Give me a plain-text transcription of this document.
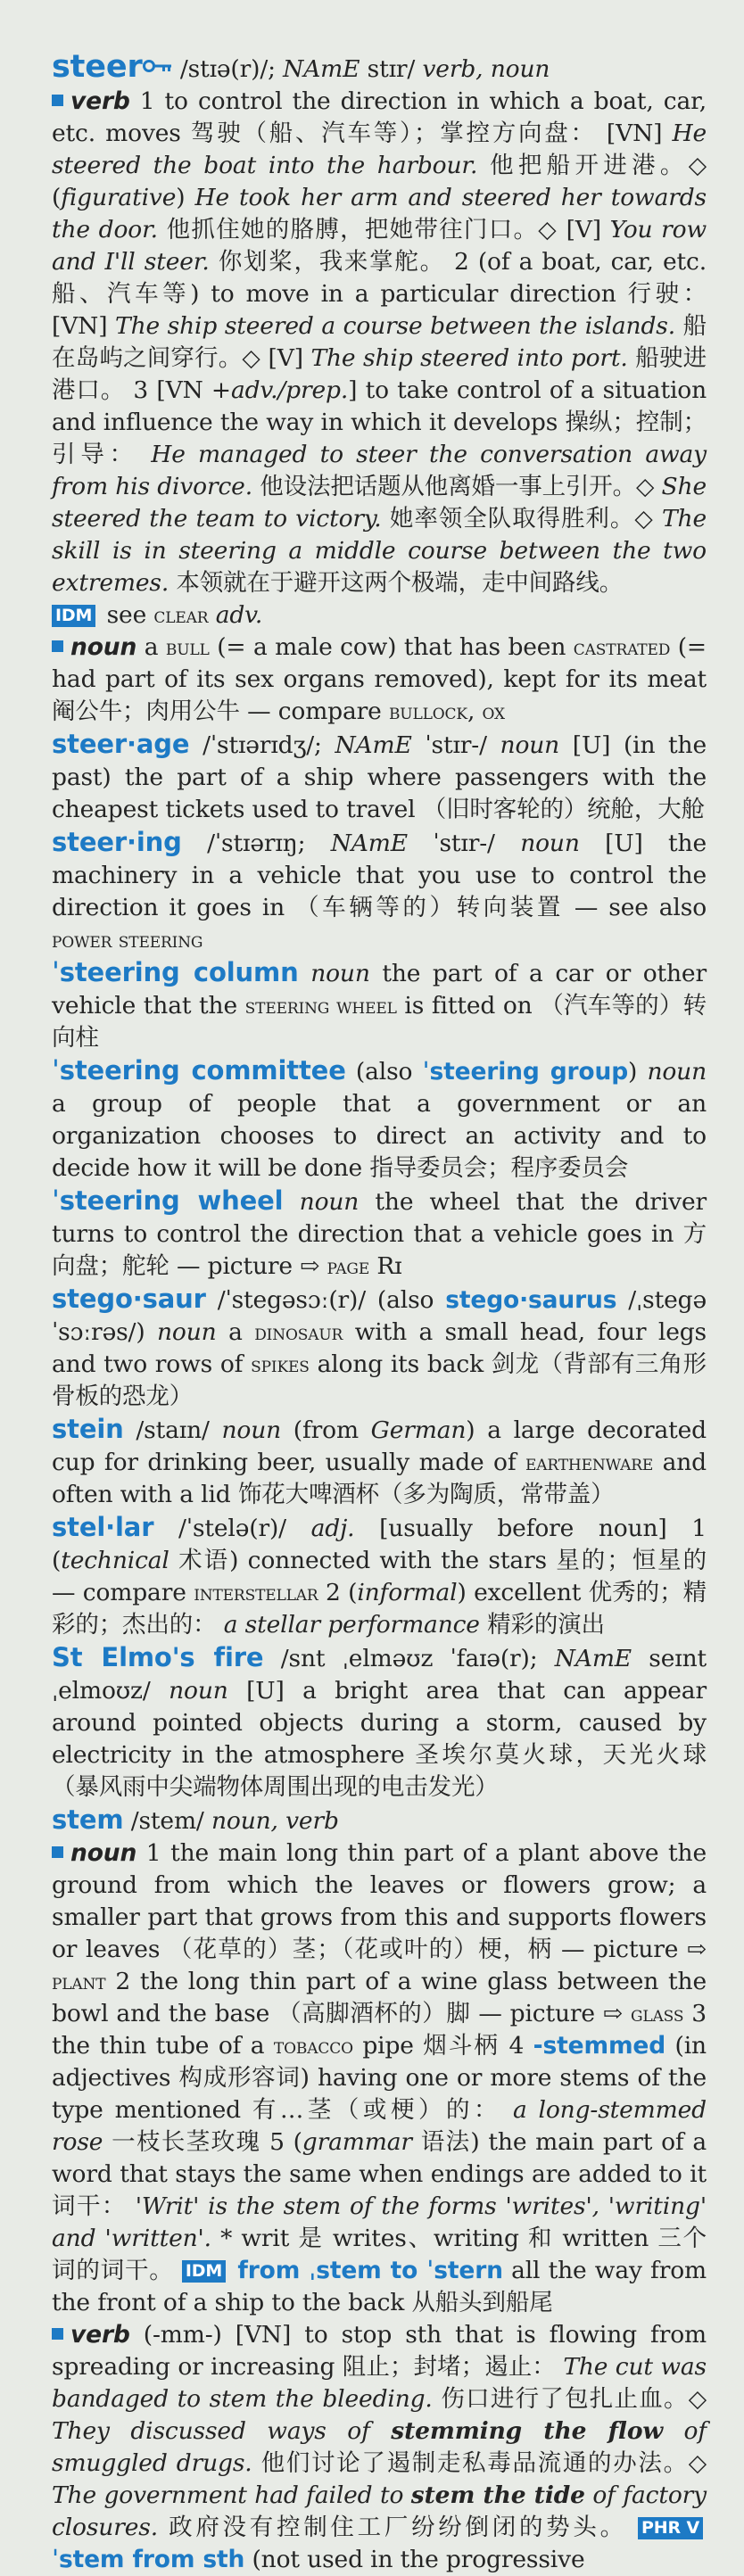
steer /stɪə(r)/; NAmE stɪr/ verb, noun

verb 1 to control the direction in which a boat, car, etc. moves 驾驶（船、汽车等）；掌控方向盘： [VN] He steered the boat into the harbour. 他把船开进港。◇ (figurative) He took her arm and steered her towards the door. 他抓住她的胳膊，把她带往门口。◇ [V] You row and I'll steer. 你划桨，我来掌舵。 2 (of a boat, car, etc. 船、汽车等) to move in a particular direction 行驶： [VN] The ship steered a course between the islands. 船在岛屿之间穿行。◇ [V] The ship steered into port. 船驶进港口。 3 [VN +adv./prep.] to take control of a situation and influence the way in which it develops 操纵；控制；引导： He managed to steer the conversation away from his divorce. 他设法把话题从他离婚一事上引开。◇ She steered the team to victory. 她率领全队取得胜利。◇ The skill is in steering a middle course between the two extremes. 本领就在于避开这两个极端，走中间路线。

IDM see clear adv.

noun a bull (= a male cow) that has been castrated (= had part of its sex organs removed), kept for its meat 阉公牛；肉用公牛 — compare bullock, ox

steer·age /ˈstɪərɪdʒ/; NAmE ˈstɪr-/ noun [U] (in the past) the part of a ship where passengers with the cheapest tickets used to travel （旧时客轮的）统舱，大舱

steer·ing /ˈstɪərɪŋ; NAmE ˈstɪr-/ noun [U] the machinery in a vehicle that you use to control the direction it goes in （车辆等的）转向装置 — see also power steering

ˈsteering column noun the part of a car or other vehicle that the steering wheel is fitted on （汽车等的）转向柱

ˈsteering committee (also ˈsteering group) noun a group of people that a government or an organization chooses to direct an activity and to decide how it will be done 指导委员会；程序委员会

ˈsteering wheel noun the wheel that the driver turns to control the direction that a vehicle goes in 方向盘；舵轮 — picture ⇨ page Rɪ

stego·saur /ˈstegəsɔː(r)/ (also stego·saurus /ˌstegəˈsɔːrəs/) noun a dinosaur with a small head, four legs and two rows of spikes along its back 剑龙（背部有三角形骨板的恐龙）

stein /staɪn/ noun (from German) a large decorated cup for drinking beer, usually made of earthenware and often with a lid 饰花大啤酒杯（多为陶质，常带盖）

stel·lar /ˈstelə(r)/ adj. [usually before noun] 1 (technical 术语) connected with the stars 星的；恒星的 — compare interstellar 2 (informal) excellent 优秀的；精彩的；杰出的： a stellar performance 精彩的演出

St Elmo's fire /snt ˌelməʊz ˈfaɪə(r); NAmE seɪnt ˌelmoʊz/ noun [U] a bright area that can appear around pointed objects during a storm, caused by electricity in the atmosphere 圣埃尔莫火球，天光火球（暴风雨中尖端物体周围出现的电击发光）

stem /stem/ noun, verb

noun 1 the main long thin part of a plant above the ground from which the leaves or flowers grow; a smaller part that grows from this and supports flowers or leaves （花草的）茎；（花或叶的）梗，柄 — picture ⇨ plant 2 the long thin part of a wine glass between the bowl and the base （高脚酒杯的）脚 — picture ⇨ glass 3 the thin tube of a tobacco pipe 烟斗柄 4 -stemmed (in adjectives 构成形容词) having one or more stems of the type mentioned 有…茎（或梗）的： a long-stemmed rose 一枝长茎玫瑰 5 (grammar 语法) the main part of a word that stays the same when endings are added to it 词干： 'Writ' is the stem of the forms 'writes', 'writing' and 'written'. * writ 是 writes、writing 和 written 三个词的词干。 IDM from ˌstem to ˈstern all the way from the front of a ship to the back 从船头到船尾

verb (-mm-) [VN] to stop sth that is flowing from spreading or increasing 阻止；封堵；遏止： The cut was bandaged to stem the bleeding. 伤口进行了包扎止血。◇ They discussed ways of stemming the flow of smuggled drugs. 他们讨论了遏制走私毒品流通的办法。◇ The government had failed to stem the tide of factory closures. 政府没有控制住工厂纷纷倒闭的势头。 PHR V ˈstem from sth (not used in the progressive
